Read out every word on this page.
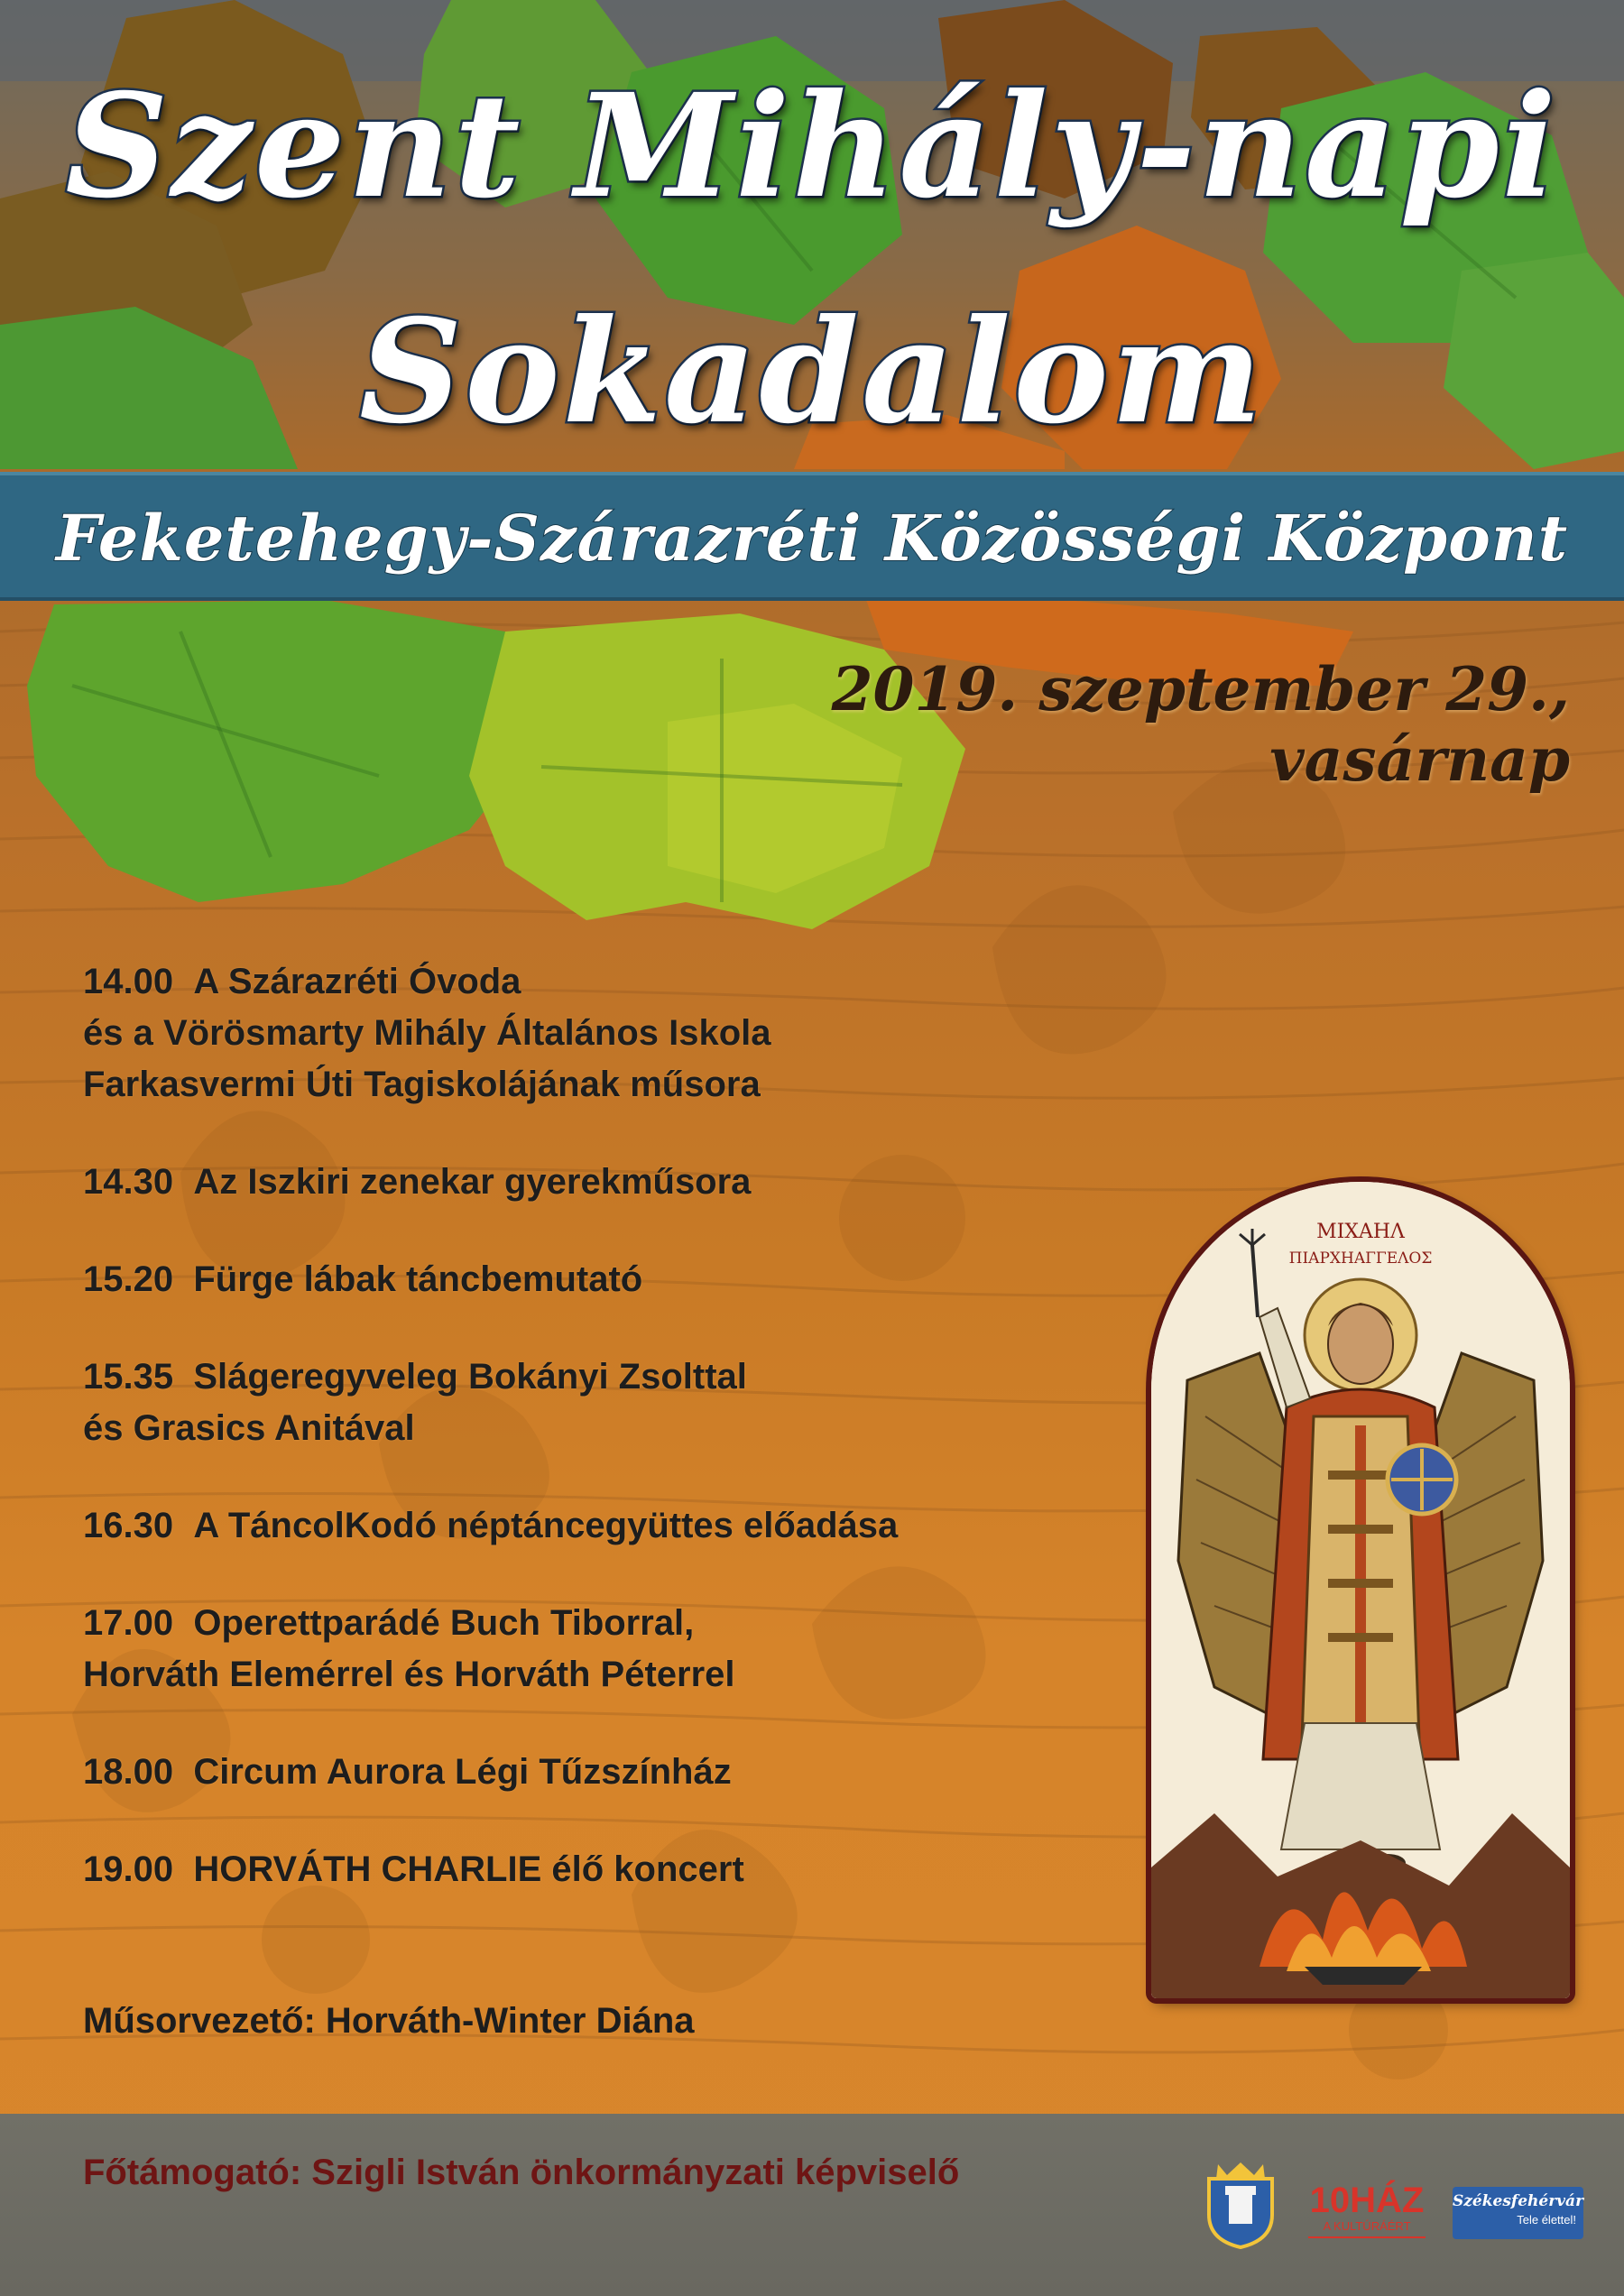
Szent Mihály-napi
Sokadalom
Feketehegy-Szárazréti Közösségi Központ
2019. szeptember 29., vasárnap
14.00 A Szárazréti Óvoda
és a Vörösmarty Mihály Általános Iskola
Farkasvermi Úti Tagiskolájának műsora
14.30 Az Iszkiri zenekar gyerekműsora
15.20 Fürge lábak táncbemutató
15.35 Slágeregyveleg Bokányi Zsolttal
és Grasics Anitával
16.30 A TáncolKodó néptáncegyüttes előadása
17.00 Operettparádé Buch Tiborral,
Horváth Elemérrel és Horváth Péterrel
18.00 Circum Aurora Légi Tűzszínház
19.00 HORVÁTH CHARLIE élő koncert
Műsorvezető: Horváth-Winter Diána
ΜΙΧΑΗΛ
ΠΙΑΡΧΗΑΓΓΕΛΟΣ
Főtámogató: Szigli István önkormányzati képviselő
10HÁZ
A KULTÚRÁÉRT
Székesfehérvár
Tele élettel!
